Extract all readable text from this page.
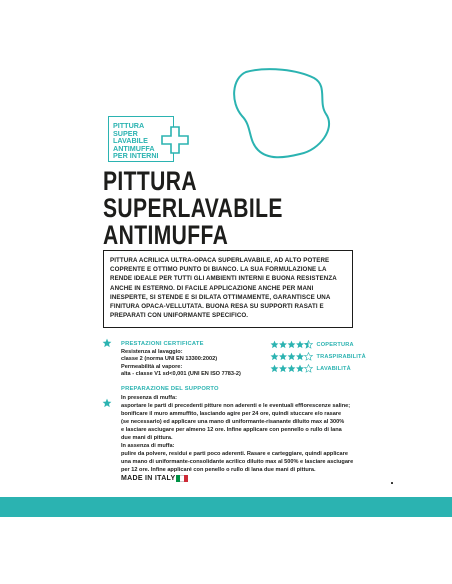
PITTURA
SUPER
LAVABILE
ANTIMUFFA
PER INTERNI
PITTURA
SUPERLAVABILE
ANTIMUFFA
PITTURA ACRILICA ULTRA-OPACA SUPERLAVABILE, AD ALTO POTERE COPRENTE E OTTIMO PUNTO DI BIANCO. LA SUA FORMULAZIONE LA RENDE IDEALE PER TUTTI GLI AMBIENTI INTERNI E BUONA RESISTENZA ANCHE IN ESTERNO. DI FACILE APPLICAZIONE ANCHE PER MANI INESPERTE, SI STENDE E SI DILATA OTTIMAMENTE, GARANTISCE UNA FINITURA OPACA-VELLUTATA. BUONA RESA SU SUPPORTI RASATI E PREPARATI CON UNIFORMANTE SPECIFICO.
PRESTAZIONI CERTIFICATE
Resistenza al lavaggio:
classe 2 (norma UNI EN 13300:2002)
Permeabilità al vapore:
alta - classe V1 sd<0,001 (UNI EN ISO 7783-2)
COPERTURA
TRASPIRABILITÀ
LAVABILITÀ
PREPARAZIONE DEL SUPPORTO
In presenza di muffa:
asportare le parti di precedenti pitture non aderenti e le eventuali efflorescenze saline;
bonificare il muro ammuffito, lasciando agire per 24 ore, quindi stuccare e/o rasare
(se necessario) ed applicare una mano di uniformante-risanante diluito max al 300%
e lasciare asciugare per almeno 12 ore. Infine applicare con pennello o rullo di lana
due mani di pittura.
In assenza di muffa:
pulire da polvere, residui e parti poco aderenti. Rasare e carteggiare, quindi applicare
una mano di uniformante-consolidante acrilico diluito max al 500% e lasciare asciugare
per 12 ore. Infine applicaré con penello o rullo di lana due mani di pittura.
MADE IN ITALY
